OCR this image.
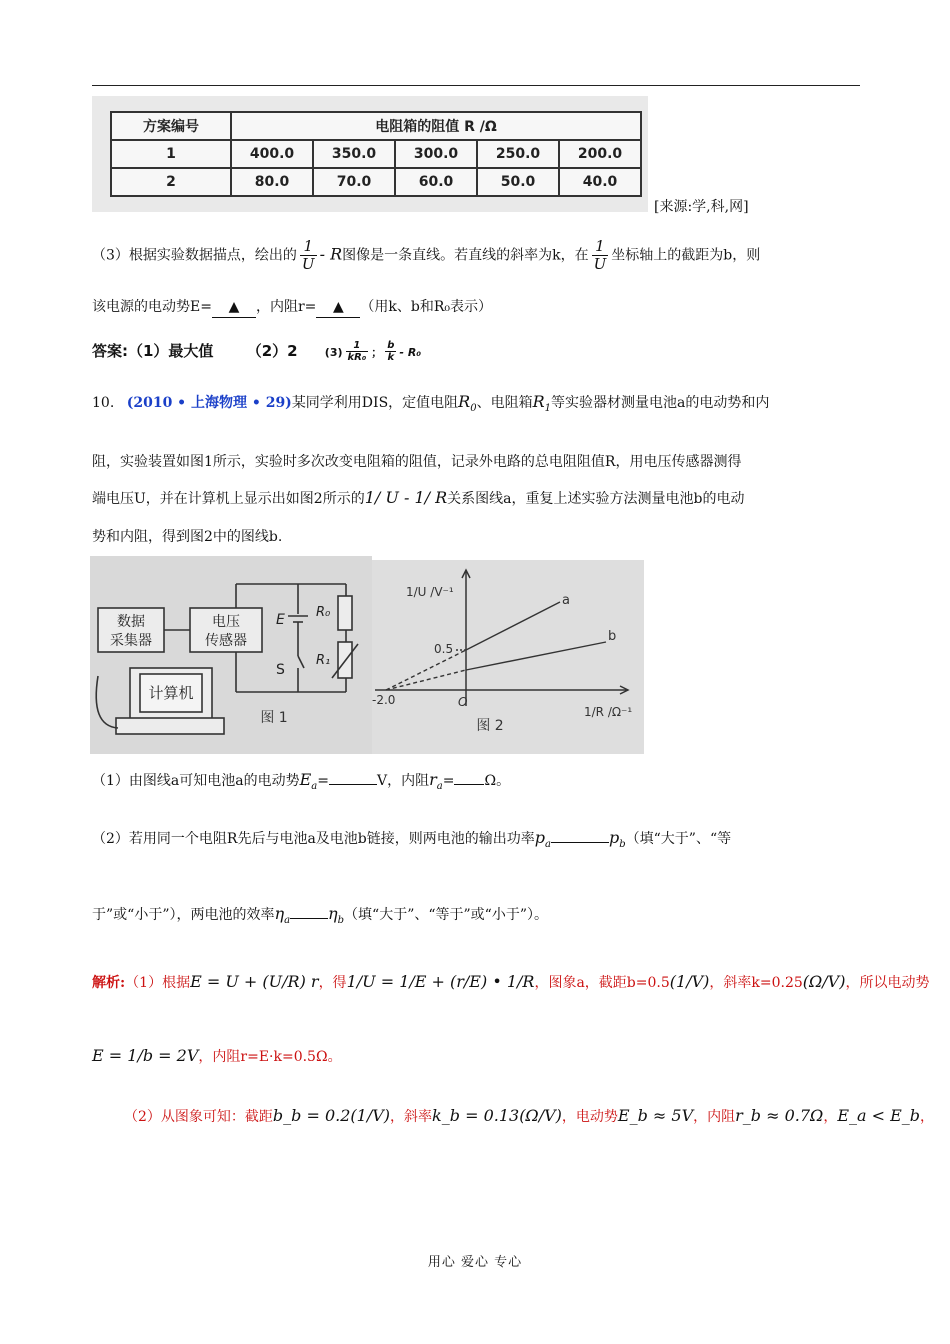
方案编号	电阻箱的阻值 R /Ω				
1	400.0	350.0	300.0	250.0	200.0
2	80.0	70.0	60.0	50.0	40.0
[来源:学,科,网]
（3）根据实验数据描点，绘出的 $\frac{1}{U}$ - R图像是一条直线。若直线的斜率为k，在 $\frac{1}{U}$ 坐标轴上的截距为b，则
该电源的电动势E= ▲ ，内阻r= ▲ （用k、b和R₀表示）
答案:（1）最大值 （2）2 $(3) \frac{1}{\text{kR₀}}$ ； $\frac{b}{k} - R_0$
10. (2010 • 上海物理 • 29)某同学利用DIS，定值电阻$R_0$、电阻箱$R_1$等实验器材测量电池a的电动势和内
阻，实验装置如图1所示，实验时多次改变电阻箱的阻值，记录外电路的总电阻阻值R，用电压传感器测得
端电压U，并在计算机上显示出如图2所示的1/ U - 1/ R关系图线a，重复上述实验方法测量电池b的电动
势和内阻，得到图2中的图线b.
数据
采集器
电压
传感器
计算机
E
S
R₀
R₁
图 1
1/U /V⁻¹
1/R /Ω⁻¹
0.5
-2.0	O
a
b
图 2
（1）由图线a可知电池a的电动势$E_a=$	V，内阻$r_a= \Omega$。
（2）若用同一个电阻R先后与电池a及电池b链接，则两电池的输出功率$p_a$	$p_b$（填“大于”、“等
于”或“小于”），两电池的效率$\eta_a$ $\eta_b$（填“大于”、“等于”或“小于”）。
解析:（1）根据E = U + (U/R) r，得1/U = 1/E + (r/E) • 1/R，图象a，截距b=0.5(1/V)，斜率k=0.25(Ω/V)，所以电动势
E = 1/b = 2V，内阻r=E·k=0.5Ω。
（2）从图象可知：截距b_b = 0.2(1/V)，斜率k_b = 0.13(Ω/V)，电动势E_b ≈ 5V，内阻r_b ≈ 0.7Ω，E_a < E_b，
用心 爱心 专心
